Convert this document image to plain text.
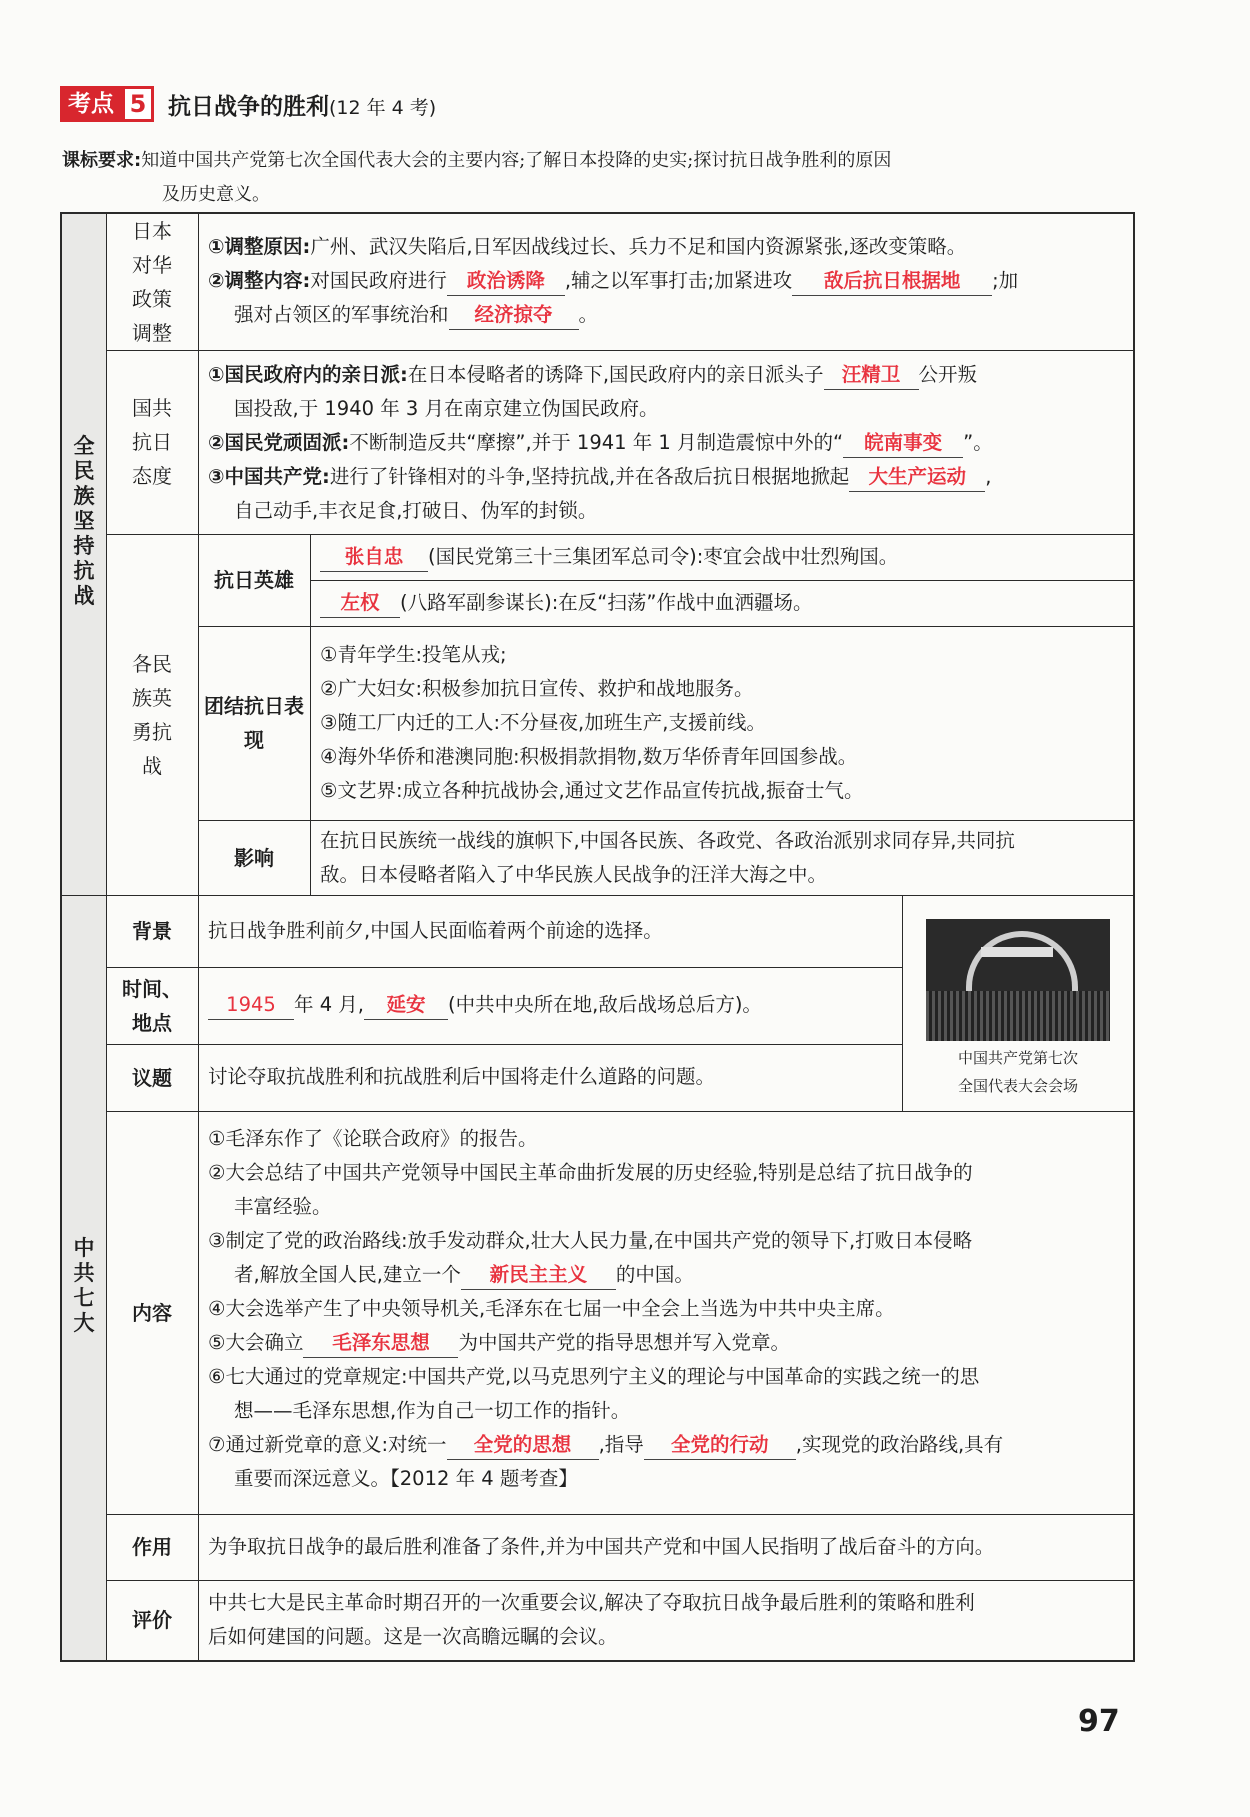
考点 5 抗日战争的胜利(12 年 4 考)
课标要求:知道中国共产党第七次全国代表大会的主要内容;了解日本投降的史实;探讨抗日战争胜利的原因
及历史意义。
全
民
族
坚
持
抗
战
中
共
七
大
日本
对华
政策
调整
①调整原因:广州、武汉失陷后,日军因战线过长、兵力不足和国内资源紧张,逐改变策略。
②调整内容:对国民政府进行 政治诱降 ,辅之以军事打击;加紧进攻 敌后抗日根据地 ;加
强对占领区的军事统治和 经济掠夺 。
国共
抗日
态度
①国民政府内的亲日派:在日本侵略者的诱降下,国民政府内的亲日派头子 汪精卫 公开叛
国投敌,于 1940 年 3 月在南京建立伪国民政府。
②国民党顽固派:不断制造反共“摩擦”,并于 1941 年 1 月制造震惊中外的“ 皖南事变 ”。
③中国共产党:进行了针锋相对的斗争,坚持抗战,并在各敌后抗日根据地掀起 大生产运动 ,
自己动手,丰衣足食,打破日、伪军的封锁。
各民
族英
勇抗
战
抗日英雄
张自忠 (国民党第三十三集团军总司令):枣宜会战中壮烈殉国。
左权 (八路军副参谋长):在反“扫荡”作战中血洒疆场。
团结抗日表现
①青年学生:投笔从戎;
②广大妇女:积极参加抗日宣传、救护和战地服务。
③随工厂内迁的工人:不分昼夜,加班生产,支援前线。
④海外华侨和港澳同胞:积极捐款捐物,数万华侨青年回国参战。
⑤文艺界:成立各种抗战协会,通过文艺作品宣传抗战,振奋士气。
影响
在抗日民族统一战线的旗帜下,中国各民族、各政党、各政治派别求同存异,共同抗
敌。日本侵略者陷入了中华民族人民战争的汪洋大海之中。
背景 抗日战争胜利前夕,中国人民面临着两个前途的选择。
时间、
地点
1945 年 4 月, 延安 (中共中央所在地,敌后战场总后方)。
议题 讨论夺取抗战胜利和抗战胜利后中国将走什么道路的问题。
中国共产党第七次
全国代表大会会场
内容
①毛泽东作了《论联合政府》的报告。
②大会总结了中国共产党领导中国民主革命曲折发展的历史经验,特别是总结了抗日战争的
丰富经验。
③制定了党的政治路线:放手发动群众,壮大人民力量,在中国共产党的领导下,打败日本侵略
者,解放全国人民,建立一个 新民主主义 的中国。
④大会选举产生了中央领导机关,毛泽东在七届一中全会上当选为中共中央主席。
⑤大会确立 毛泽东思想 为中国共产党的指导思想并写入党章。
⑥七大通过的党章规定:中国共产党,以马克思列宁主义的理论与中国革命的实践之统一的思
想——毛泽东思想,作为自己一切工作的指针。
⑦通过新党章的意义:对统一 全党的思想 ,指导 全党的行动 ,实现党的政治路线,具有
重要而深远意义。【2012 年 4 题考查】
作用 为争取抗日战争的最后胜利准备了条件,并为中国共产党和中国人民指明了战后奋斗的方向。
评价
中共七大是民主革命时期召开的一次重要会议,解决了夺取抗日战争最后胜利的策略和胜利
后如何建国的问题。这是一次高瞻远瞩的会议。
97
